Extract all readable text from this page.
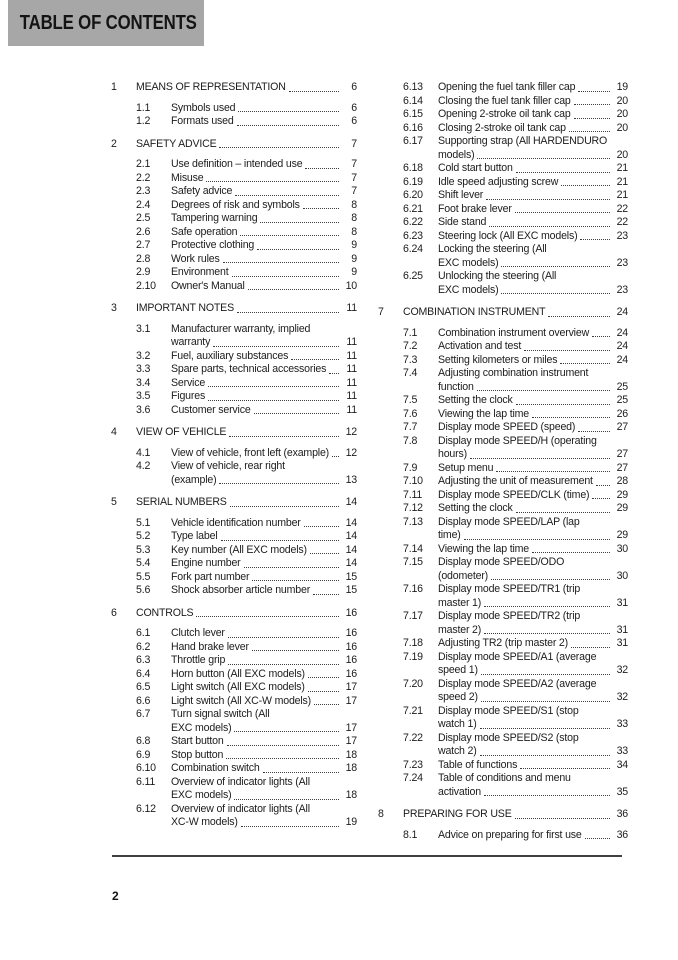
TABLE OF CONTENTS
1	MEANS OF REPRESENTATION	6
1.1	Symbols used	6
1.2	Formats used	6
2	SAFETY ADVICE	7
2.1	Use definition – intended use	7
2.2	Misuse	7
2.3	Safety advice	7
2.4	Degrees of risk and symbols	8
2.5	Tampering warning	8
2.6	Safe operation	8
2.7	Protective clothing	9
2.8	Work rules	9
2.9	Environment	9
2.10	Owner's Manual	10
3	IMPORTANT NOTES	11
3.1	Manufacturer warranty, implied
warranty	11
3.2	Fuel, auxiliary substances	11
3.3	Spare parts, technical accessories	11
3.4	Service	11
3.5	Figures	11
3.6	Customer service	11
4	VIEW OF VEHICLE	12
4.1	View of vehicle, front left (example) 12
4.2	View of vehicle, rear right
(example)	13
5	SERIAL NUMBERS	14
5.1	Vehicle identification number	14
5.2	Type label	14
5.3	Key number (All EXC models)	14
5.4	Engine number	14
5.5	Fork part number	15
5.6	Shock absorber article number	15
6	CONTROLS	16
6.1	Clutch lever	16
6.2	Hand brake lever	16
6.3	Throttle grip	16
6.4	Horn button (All EXC models)	16
6.5	Light switch (All EXC models)	17
6.6	Light switch (All XC-W models)	17
6.7	Turn signal switch (All
EXC models)	17
6.8	Start button	17
6.9	Stop button	18
6.10	Combination switch	18
6.11	Overview of indicator lights (All
EXC models)	18
6.12	Overview of indicator lights (All
XC-W models)	19
6.13	Opening the fuel tank filler cap	19
6.14	Closing the fuel tank filler cap	20
6.15	Opening 2-stroke oil tank cap	20
6.16	Closing 2-stroke oil tank cap	20
6.17	Supporting strap (All HARDENDURO
models)	20
6.18	Cold start button	21
6.19	Idle speed adjusting screw	21
6.20	Shift lever	21
6.21	Foot brake lever	22
6.22	Side stand	22
6.23	Steering lock (All EXC models)	23
6.24	Locking the steering (All
EXC models)	23
6.25	Unlocking the steering (All
EXC models)	23
7	COMBINATION INSTRUMENT	24
7.1	Combination instrument overview	24
7.2	Activation and test	24
7.3	Setting kilometers or miles	24
7.4	Adjusting combination instrument
function	25
7.5	Setting the clock	25
7.6	Viewing the lap time	26
7.7	Display mode SPEED (speed)	27
7.8	Display mode SPEED/H (operating
hours)	27
7.9	Setup menu	27
7.10	Adjusting the unit of measurement 28
7.11	Display mode SPEED/CLK (time)	29
7.12	Setting the clock	29
7.13	Display mode SPEED/LAP (lap
time)	29
7.14	Viewing the lap time	30
7.15	Display mode SPEED/ODO
(odometer)	30
7.16	Display mode SPEED/TR1 (trip
master 1)	31
7.17	Display mode SPEED/TR2 (trip
master 2)	31
7.18	Adjusting TR2 (trip master 2)	31
7.19	Display mode SPEED/A1 (average
speed 1)	32
7.20	Display mode SPEED/A2 (average
speed 2)	32
7.21	Display mode SPEED/S1 (stop
watch 1)	33
7.22	Display mode SPEED/S2 (stop
watch 2)	33
7.23	Table of functions	34
7.24	Table of conditions and menu
activation	35
8	PREPARING FOR USE	36
8.1	Advice on preparing for first use	36
2
